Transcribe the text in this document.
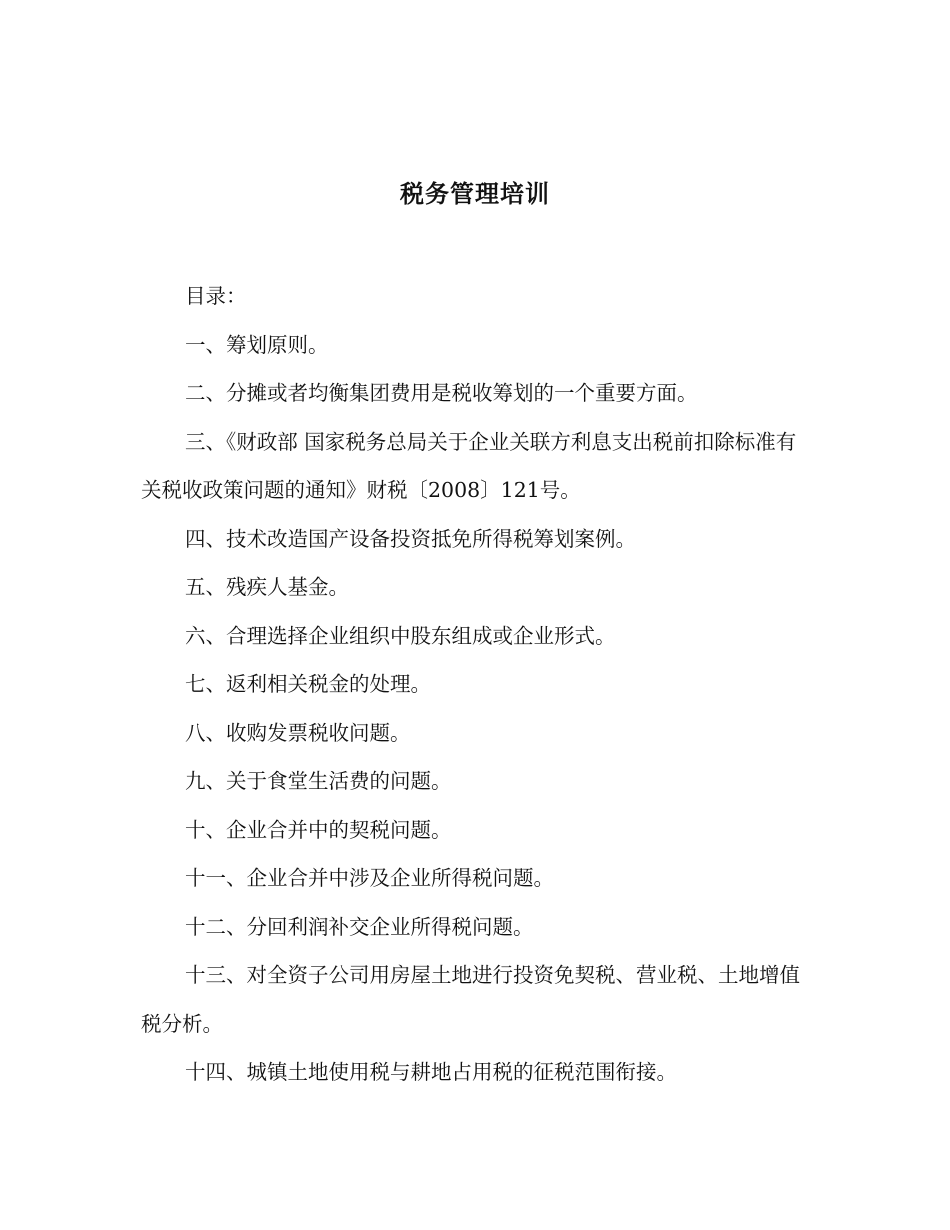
税务管理培训

目录：

一、筹划原则。

二、分摊或者均衡集团费用是税收筹划的一个重要方面。

三、《财政部 国家税务总局关于企业关联方利息支出税前扣除标准有关税收政策问题的通知》财税〔2008〕121号。

四、技术改造国产设备投资抵免所得税筹划案例。

五、残疾人基金。

六、合理选择企业组织中股东组成或企业形式。

七、返利相关税金的处理。

八、收购发票税收问题。

九、关于食堂生活费的问题。

十、企业合并中的契税问题。

十一、企业合并中涉及企业所得税问题。

十二、分回利润补交企业所得税问题。

十三、对全资子公司用房屋土地进行投资免契税、营业税、土地增值税分析。

十四、城镇土地使用税与耕地占用税的征税范围衔接。
